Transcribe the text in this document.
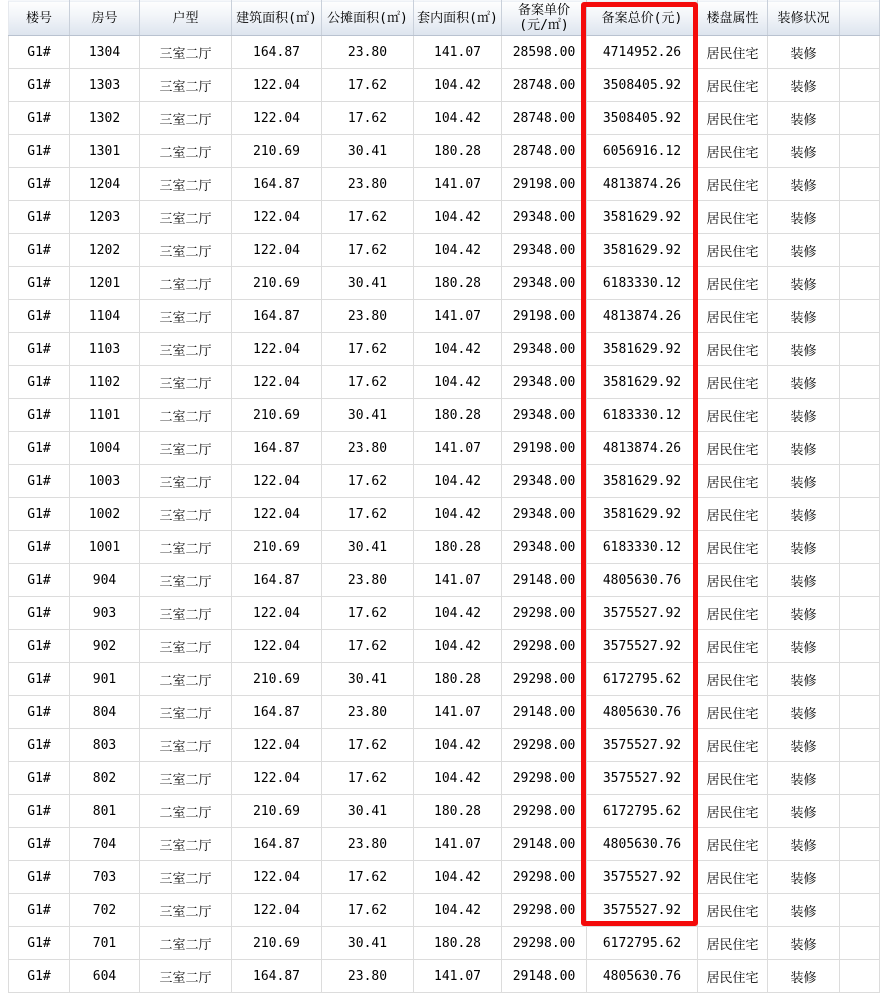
楼号	房号	户型	建筑面积(㎡)	公摊面积(㎡)	套内面积(㎡)	备案单价(元/㎡)	备案总价(元)	楼盘属性	装修状况	
G1#	1304	三室二厅	164.87	23.80	141.07	28598.00	4714952.26	居民住宅	装修	
G1#	1303	三室二厅	122.04	17.62	104.42	28748.00	3508405.92	居民住宅	装修	
G1#	1302	三室二厅	122.04	17.62	104.42	28748.00	3508405.92	居民住宅	装修	
G1#	1301	二室二厅	210.69	30.41	180.28	28748.00	6056916.12	居民住宅	装修	
G1#	1204	三室二厅	164.87	23.80	141.07	29198.00	4813874.26	居民住宅	装修	
G1#	1203	三室二厅	122.04	17.62	104.42	29348.00	3581629.92	居民住宅	装修	
G1#	1202	三室二厅	122.04	17.62	104.42	29348.00	3581629.92	居民住宅	装修	
G1#	1201	二室二厅	210.69	30.41	180.28	29348.00	6183330.12	居民住宅	装修	
G1#	1104	三室二厅	164.87	23.80	141.07	29198.00	4813874.26	居民住宅	装修	
G1#	1103	三室二厅	122.04	17.62	104.42	29348.00	3581629.92	居民住宅	装修	
G1#	1102	三室二厅	122.04	17.62	104.42	29348.00	3581629.92	居民住宅	装修	
G1#	1101	二室二厅	210.69	30.41	180.28	29348.00	6183330.12	居民住宅	装修	
G1#	1004	三室二厅	164.87	23.80	141.07	29198.00	4813874.26	居民住宅	装修	
G1#	1003	三室二厅	122.04	17.62	104.42	29348.00	3581629.92	居民住宅	装修	
G1#	1002	三室二厅	122.04	17.62	104.42	29348.00	3581629.92	居民住宅	装修	
G1#	1001	二室二厅	210.69	30.41	180.28	29348.00	6183330.12	居民住宅	装修	
G1#	904	三室二厅	164.87	23.80	141.07	29148.00	4805630.76	居民住宅	装修	
G1#	903	三室二厅	122.04	17.62	104.42	29298.00	3575527.92	居民住宅	装修	
G1#	902	三室二厅	122.04	17.62	104.42	29298.00	3575527.92	居民住宅	装修	
G1#	901	二室二厅	210.69	30.41	180.28	29298.00	6172795.62	居民住宅	装修	
G1#	804	三室二厅	164.87	23.80	141.07	29148.00	4805630.76	居民住宅	装修	
G1#	803	三室二厅	122.04	17.62	104.42	29298.00	3575527.92	居民住宅	装修	
G1#	802	三室二厅	122.04	17.62	104.42	29298.00	3575527.92	居民住宅	装修	
G1#	801	二室二厅	210.69	30.41	180.28	29298.00	6172795.62	居民住宅	装修	
G1#	704	三室二厅	164.87	23.80	141.07	29148.00	4805630.76	居民住宅	装修	
G1#	703	三室二厅	122.04	17.62	104.42	29298.00	3575527.92	居民住宅	装修	
G1#	702	三室二厅	122.04	17.62	104.42	29298.00	3575527.92	居民住宅	装修	
G1#	701	二室二厅	210.69	30.41	180.28	29298.00	6172795.62	居民住宅	装修	
G1#	604	三室二厅	164.87	23.80	141.07	29148.00	4805630.76	居民住宅	装修	
